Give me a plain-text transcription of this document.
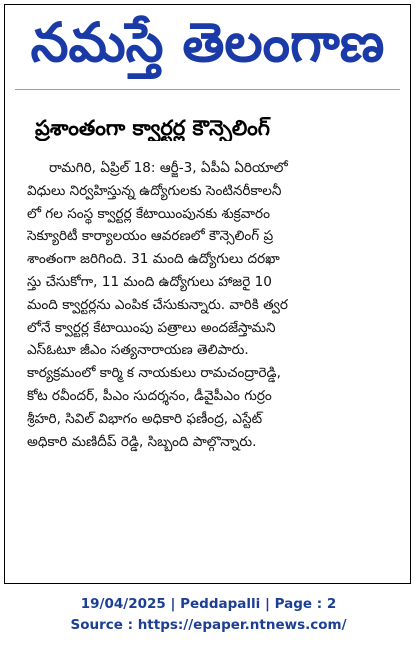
నమస్తే తెలంగాణ
ప్రశాంతంగా క్వార్టర్ల కౌన్సెలింగ్
రామగిరి, ఏప్రిల్ 18: ఆర్జీ-3, ఏపీఏ ఏరియాలో
విధులు నిర్వహిస్తున్న ఉద్యోగులకు సెంటినరీకాలనీ
లో గల సంస్థ క్వార్టర్ల కేటాయింపునకు శుక్రవారం
సెక్యూరిటీ కార్యాలయం ఆవరణలో కౌన్సెలింగ్ ప్ర
శాంతంగా జరిగింది. 31 మంది ఉద్యోగులు దరఖా
స్తు చేసుకోగా, 11 మంది ఉద్యోగులు హాజరై 10
మంది క్వార్టర్లను ఎంపిక చేసుకున్నారు. వారికి త్వర
లోనే క్వార్టర్ల కేటాయింపు పత్రాలు అందజేస్తామని
ఎస్ఓటూ జీఎం సత్యనారాయణ తెలిపారు.
కార్యక్రమంలో కార్మి క నాయకులు రామచంద్రారెడ్డి,
కోట రవీందర్, పీఎం సుదర్శనం, డీవైపీఎం గుర్రం
శ్రీహరి, సివిల్ విభాగం అధికారి ఫణీంద్ర, ఎస్టేట్
అధికారి మణిదీప్ రెడ్డి, సిబ్బంది పాల్గొన్నారు.
19/04/2025 | Peddapalli | Page : 2
Source : https://epaper.ntnews.com/
